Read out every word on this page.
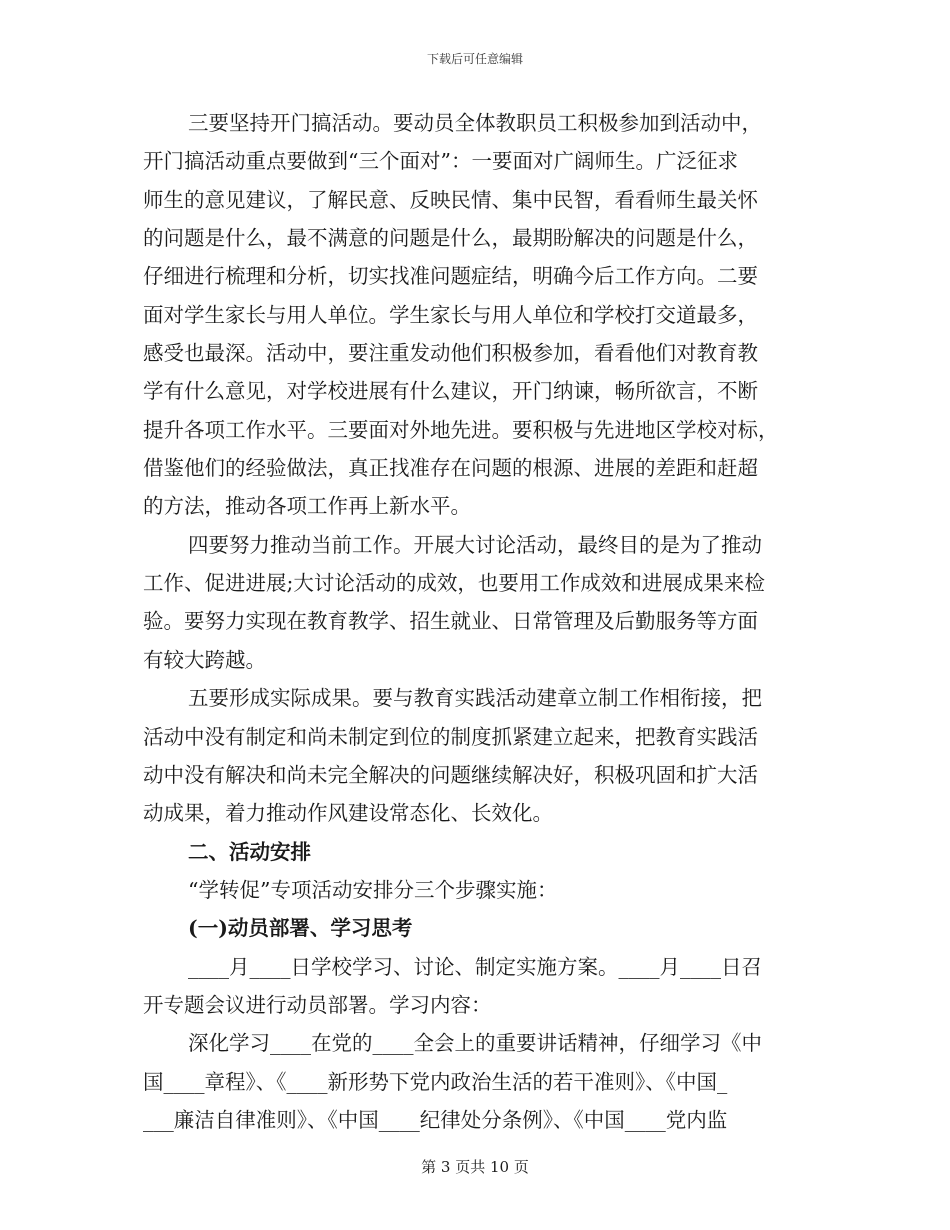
下载后可任意编辑
三要坚持开门搞活动。要动员全体教职员工积极参加到活动中，
开门搞活动重点要做到“三个面对”：一要面对广阔师生。广泛征求
师生的意见建议，了解民意、反映民情、集中民智，看看师生最关怀
的问题是什么，最不满意的问题是什么，最期盼解决的问题是什么，
仔细进行梳理和分析，切实找准问题症结，明确今后工作方向。二要
面对学生家长与用人单位。学生家长与用人单位和学校打交道最多，
感受也最深。活动中，要注重发动他们积极参加，看看他们对教育教
学有什么意见，对学校进展有什么建议，开门纳谏，畅所欲言，不断
提升各项工作水平。三要面对外地先进。要积极与先进地区学校对标，
借鉴他们的经验做法，真正找准存在问题的根源、进展的差距和赶超
的方法，推动各项工作再上新水平。
四要努力推动当前工作。开展大讨论活动，最终目的是为了推动
工作、促进进展;大讨论活动的成效，也要用工作成效和进展成果来检
验。要努力实现在教育教学、招生就业、日常管理及后勤服务等方面
有较大跨越。
五要形成实际成果。要与教育实践活动建章立制工作相衔接，把
活动中没有制定和尚未制定到位的制度抓紧建立起来，把教育实践活
动中没有解决和尚未完全解决的问题继续解决好，积极巩固和扩大活
动成果，着力推动作风建设常态化、长效化。
二、活动安排
“学转促”专项活动安排分三个步骤实施：
(一)动员部署、学习思考
____月____日学校学习、讨论、制定实施方案。____月____日召
开专题会议进行动员部署。学习内容：
深化学习____在党的____全会上的重要讲话精神，仔细学习《中
国____章程》、《____新形势下党内政治生活的若干准则》、《中国_
___廉洁自律准则》、《中国____纪律处分条例》、《中国____党内监
第 3 页共 10 页
